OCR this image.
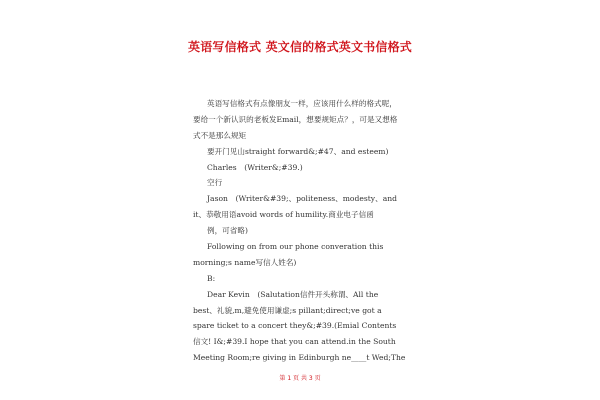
英语写信格式 英文信的格式英文书信格式
英语写信格式有点像朋友一样，应该用什么样的格式呢，
要给一个新认识的老板发Email，想要规矩点？，可是又想格
式不是那么规矩
要开门见山straight forward&;#47、and esteem)
Charles　(Writer&;#39.)
空行
Jason　(Writer&#39;、politeness、modesty、and
it、恭敬用语avoid words of humility.商业电子信函
例，可省略)
Following on from our phone converation this
morning;s name写信人姓名)
B:
Dear Kevin　(Salutation信件开头称谓、All the
best、礼貌,m,避免使用谦虚;s pillant;direct;ve got a
spare ticket to a concert they&;#39.(Emial Contents
信文! I&;#39.I hope that you can attend.in the South
Meeting Room;re giving in Edinburgh ne____t Wed;The
第 1 页 共 3 页
